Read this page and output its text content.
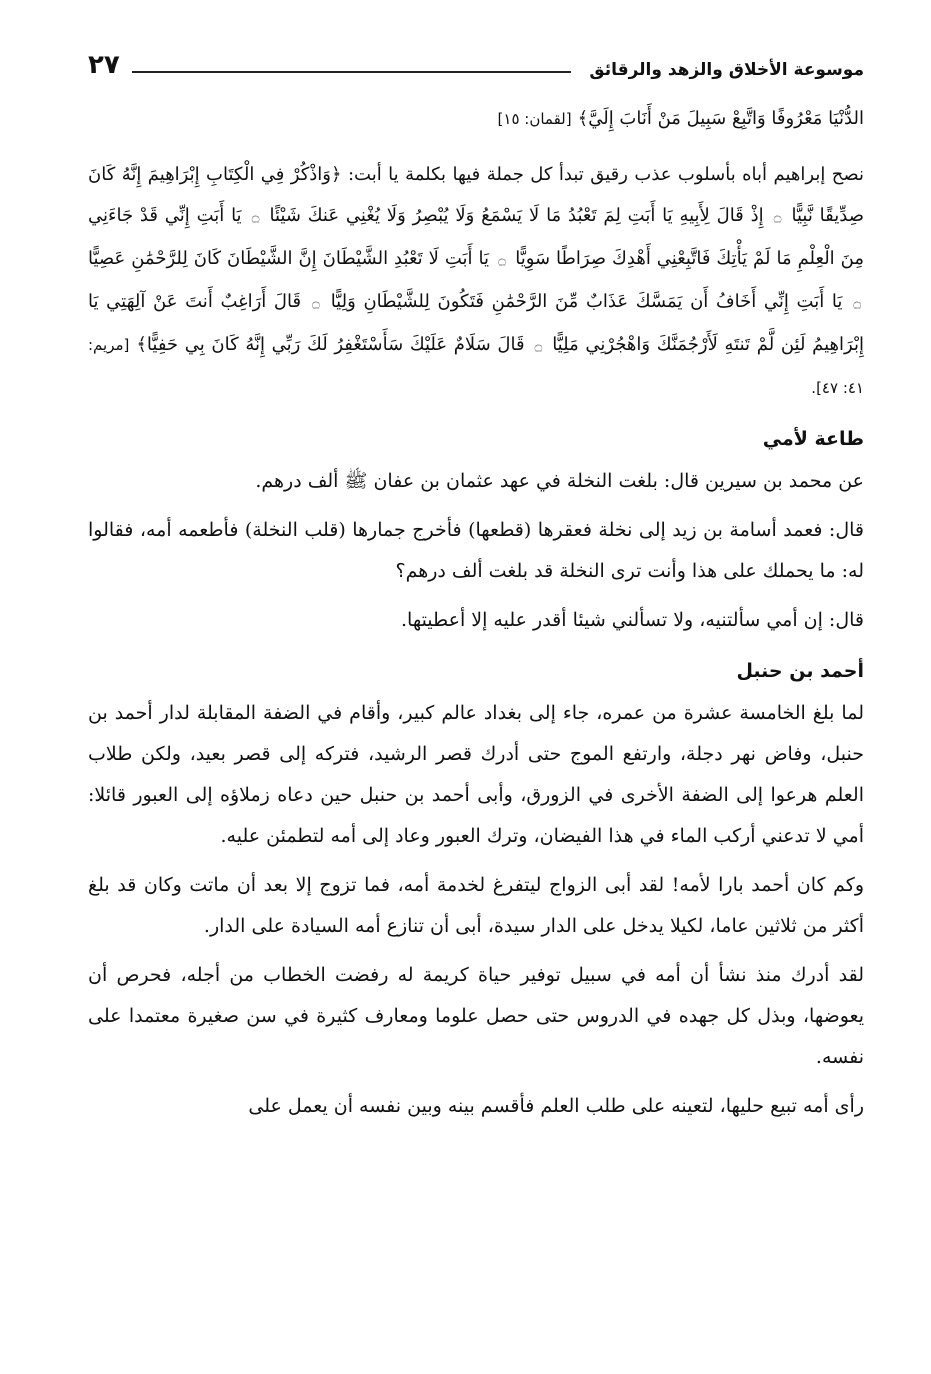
موسوعة الأخلاق والزهد والرقائق
٢٧

الدُّنْيَا مَعْرُوفًا وَاتَّبِعْ سَبِيلَ مَنْ أَنَابَ إِلَيَّ﴾ [لقمان: ١٥]

نصح إبراهيم أباه بأسلوب عذب رقيق تبدأ كل جملة فيها بكلمة يا أبت: ﴿وَاذْكُرْ فِي الْكِتَابِ إِبْرَاهِيمَ إِنَّهُ كَانَ صِدِّيقًا نَّبِيًّا ۝ إِذْ قَالَ لِأَبِيهِ يَا أَبَتِ لِمَ تَعْبُدُ مَا لَا يَسْمَعُ وَلَا يُبْصِرُ وَلَا يُغْنِي عَنكَ شَيْئًا ۝ يَا أَبَتِ إِنِّي قَدْ جَاءَنِي مِنَ الْعِلْمِ مَا لَمْ يَأْتِكَ فَاتَّبِعْنِي أَهْدِكَ صِرَاطًا سَوِيًّا ۝ يَا أَبَتِ لَا تَعْبُدِ الشَّيْطَانَ إِنَّ الشَّيْطَانَ كَانَ لِلرَّحْمَٰنِ عَصِيًّا ۝ يَا أَبَتِ إِنِّي أَخَافُ أَن يَمَسَّكَ عَذَابٌ مِّنَ الرَّحْمَٰنِ فَتَكُونَ لِلشَّيْطَانِ وَلِيًّا ۝ قَالَ أَرَاغِبٌ أَنتَ عَنْ آلِهَتِي يَا إِبْرَاهِيمُ لَئِن لَّمْ تَنتَهِ لَأَرْجُمَنَّكَ وَاهْجُرْنِي مَلِيًّا ۝ قَالَ سَلَامٌ عَلَيْكَ سَأَسْتَغْفِرُ لَكَ رَبِّي إِنَّهُ كَانَ بِي حَفِيًّا﴾ [مريم: ٤١: ٤٧].

طاعة لأمي

عن محمد بن سيرين قال: بلغت النخلة في عهد عثمان بن عفان ﷺ ألف درهم.

قال: فعمد أسامة بن زيد إلى نخلة فعقرها (قطعها) فأخرج جمارها (قلب النخلة) فأطعمه أمه، فقالوا له: ما يحملك على هذا وأنت ترى النخلة قد بلغت ألف درهم؟

قال: إن أمي سألتنيه، ولا تسألني شيئا أقدر عليه إلا أعطيتها.

أحمد بن حنبل

لما بلغ الخامسة عشرة من عمره، جاء إلى بغداد عالم كبير، وأقام في الضفة المقابلة لدار أحمد بن حنبل، وفاض نهر دجلة، وارتفع الموج حتى أدرك قصر الرشيد، فتركه إلى قصر بعيد، ولكن طلاب العلم هرعوا إلى الضفة الأخرى في الزورق، وأبى أحمد بن حنبل حين دعاه زملاؤه إلى العبور قائلا: أمي لا تدعني أركب الماء في هذا الفيضان، وترك العبور وعاد إلى أمه لتطمئن عليه.

وكم كان أحمد بارا لأمه! لقد أبى الزواج ليتفرغ لخدمة أمه، فما تزوج إلا بعد أن ماتت وكان قد بلغ أكثر من ثلاثين عاما، لكيلا يدخل على الدار سيدة، أبى أن تنازع أمه السيادة على الدار.

لقد أدرك منذ نشأ أن أمه في سبيل توفير حياة كريمة له رفضت الخطاب من أجله، فحرص أن يعوضها، وبذل كل جهده في الدروس حتى حصل علوما ومعارف كثيرة في سن صغيرة معتمدا على نفسه.

رأى أمه تبيع حليها، لتعينه على طلب العلم فأقسم بينه وبين نفسه أن يعمل على
